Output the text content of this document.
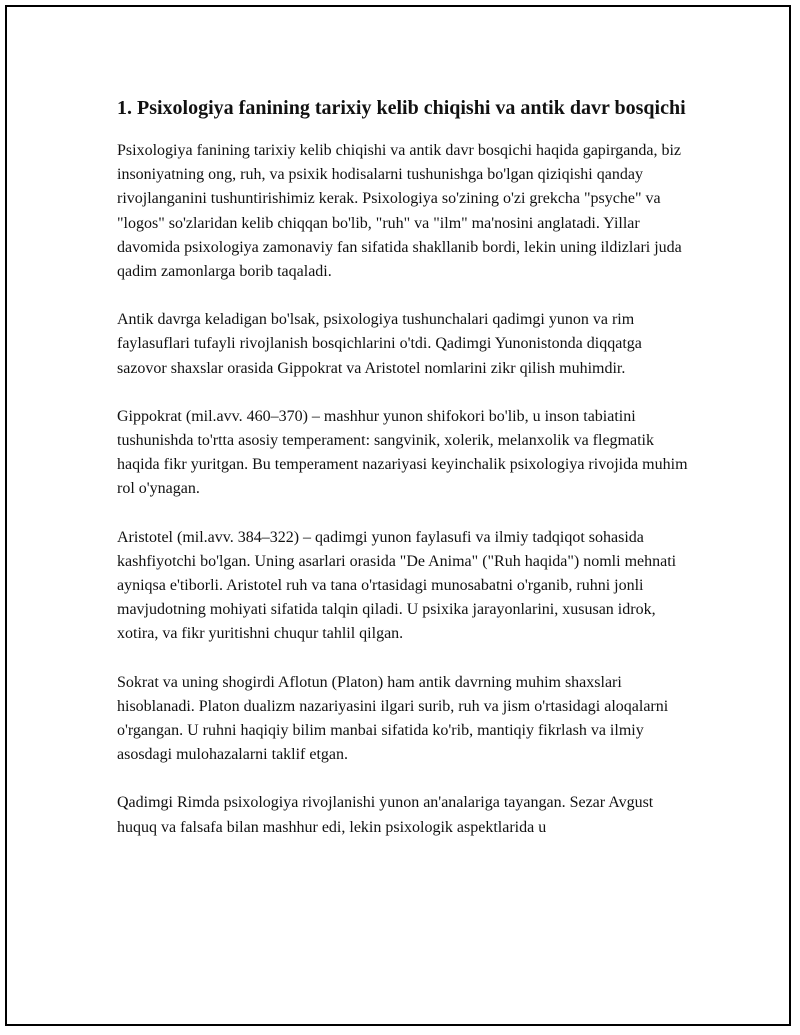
1. Psixologiya fanining tarixiy kelib chiqishi va antik davr bosqichi

Psixologiya fanining tarixiy kelib chiqishi va antik davr bosqichi haqida gapirganda, biz insoniyatning ong, ruh, va psixik hodisalarni tushunishga bo'lgan qiziqishi qanday rivojlanganini tushuntirishimiz kerak. Psixologiya so'zining o'zi grekcha "psyche" va "logos" so'zlaridan kelib chiqqan bo'lib, "ruh" va "ilm" ma'nosini anglatadi. Yillar davomida psixologiya zamonaviy fan sifatida shakllanib bordi, lekin uning ildizlari juda qadim zamonlarga borib taqaladi.

Antik davrga keladigan bo'lsak, psixologiya tushunchalari qadimgi yunon va rim faylasuflari tufayli rivojlanish bosqichlarini o'tdi. Qadimgi Yunonistonda diqqatga sazovor shaxslar orasida Gippokrat va Aristotel nomlarini zikr qilish muhimdir.

Gippokrat (mil.avv. 460–370) – mashhur yunon shifokori bo'lib, u inson tabiatini tushunishda to'rtta asosiy temperament: sangvinik, xolerik, melanxolik va flegmatik haqida fikr yuritgan. Bu temperament nazariyasi keyinchalik psixologiya rivojida muhim rol o'ynagan.

Aristotel (mil.avv. 384–322) – qadimgi yunon faylasufi va ilmiy tadqiqot sohasida kashfiyotchi bo'lgan. Uning asarlari orasida "De Anima" ("Ruh haqida") nomli mehnati ayniqsa e'tiborli. Aristotel ruh va tana o'rtasidagi munosabatni o'rganib, ruhni jonli mavjudotning mohiyati sifatida talqin qiladi. U psixika jarayonlarini, xususan idrok, xotira, va fikr yuritishni chuqur tahlil qilgan.

Sokrat va uning shogirdi Aflotun (Platon) ham antik davrning muhim shaxslari hisoblanadi. Platon dualizm nazariyasini ilgari surib, ruh va jism o'rtasidagi aloqalarni o'rgangan. U ruhni haqiqiy bilim manbai sifatida ko'rib, mantiqiy fikrlash va ilmiy asosdagi mulohazalarni taklif etgan.

Qadimgi Rimda psixologiya rivojlanishi yunon an'analariga tayangan. Sezar Avgust huquq va falsafa bilan mashhur edi, lekin psixologik aspektlarida u
